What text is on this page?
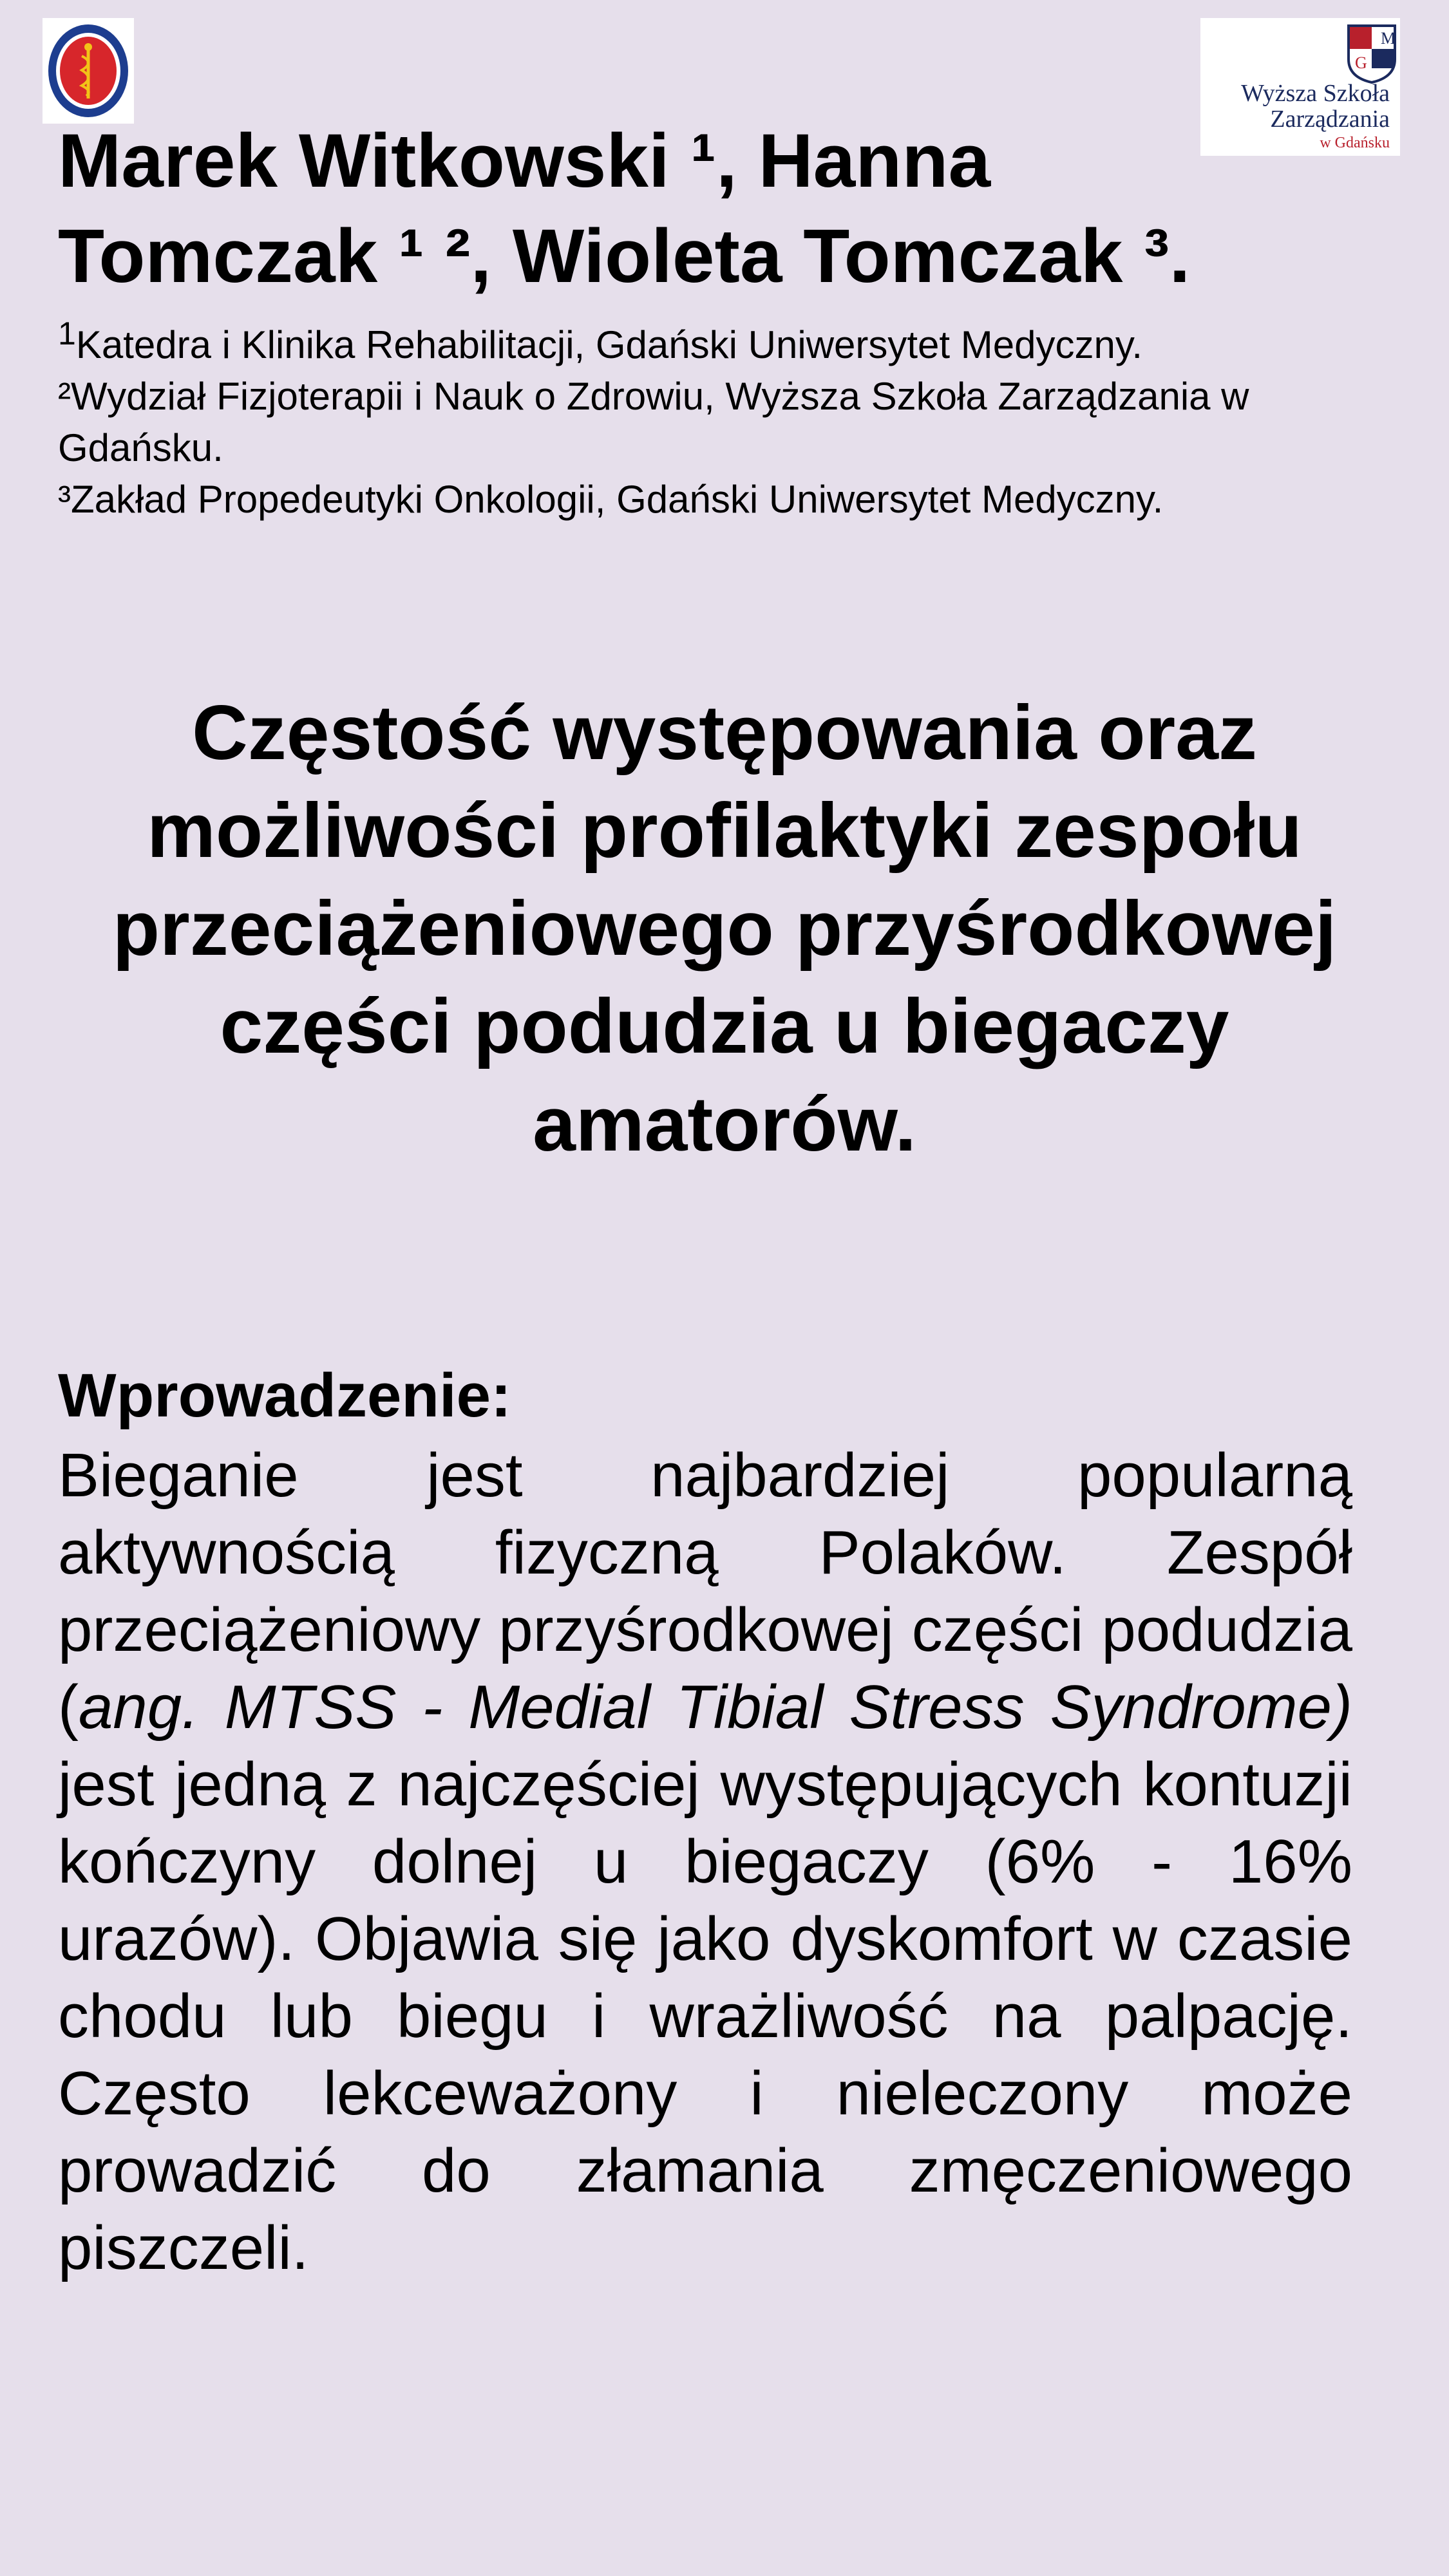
M
G
Wyższa Szkoła
Zarządzania
w Gdańsku
Marek Witkowski ¹, Hanna
Tomczak ¹ ², Wioleta Tomczak ³.

$^1$Katedra i Klinika Rehabilitacji, Gdański Uniwersytet Medyczny.

²Wydział Fizjoterapii i Nauk o Zdrowiu, Wyższa Szkoła Zarządzania w Gdańsku.

³Zakład Propedeutyki Onkologii, Gdański Uniwersytet Medyczny.

Częstość występowania oraz możliwości profilaktyki zespołu przeciążeniowego przyśrodkowej części podudzia u biegaczy amatorów.
Wprowadzenie:

Bieganie jest najbardziej popularną aktywnością fizyczną Polaków. Zespół przeciążeniowy przyśrodkowej części podudzia (ang. MTSS - Medial Tibial Stress Syndrome) jest jedną z najczęściej występujących kontuzji kończyny dolnej u biegaczy (6% - 16% urazów). Objawia się jako dyskomfort w czasie chodu lub biegu i wrażliwość na palpację. Często lekceważony i nieleczony może prowadzić do złamania zmęczeniowego piszczeli.
